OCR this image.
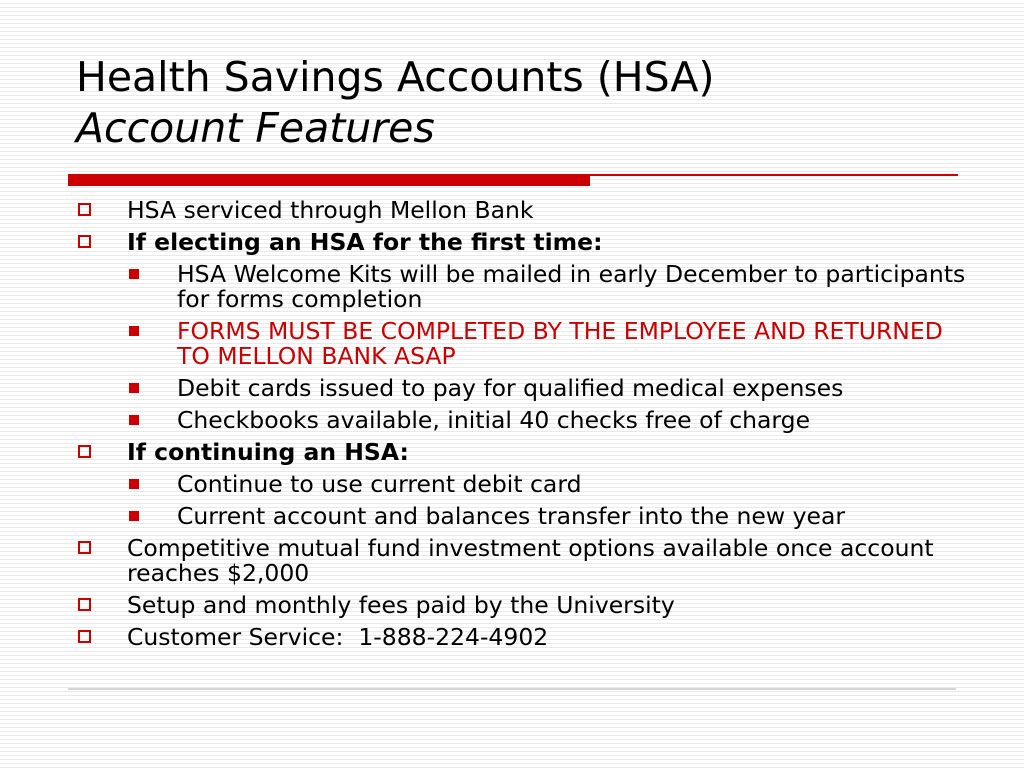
Health Savings Accounts (HSA)
Account Features
HSA serviced through Mellon Bank
If electing an HSA for the first time:
HSA Welcome Kits will be mailed in early December to participants for forms completion
FORMS MUST BE COMPLETED BY THE EMPLOYEE AND RETURNED TO MELLON BANK ASAP
Debit cards issued to pay for qualified medical expenses
Checkbooks available, initial 40 checks free of charge
If continuing an HSA:
Continue to use current debit card
Current account and balances transfer into the new year
Competitive mutual fund investment options available once account reaches $2,000
Setup and monthly fees paid by the University
Customer Service:  1-888-224-4902
